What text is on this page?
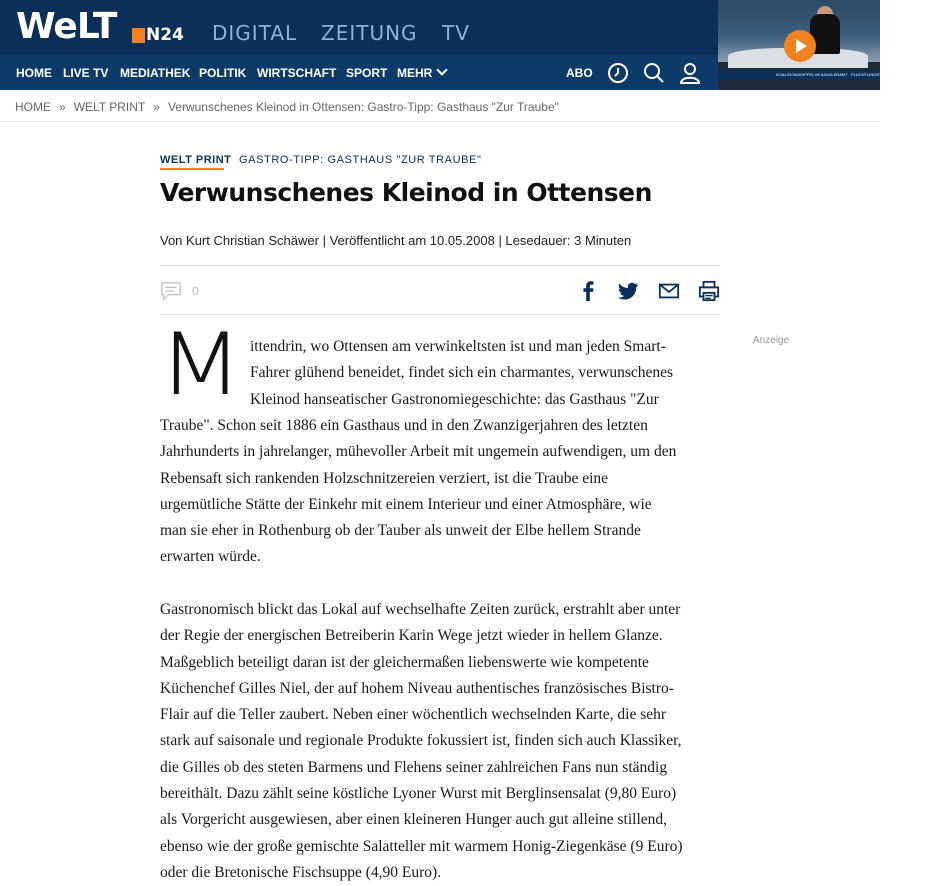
WeLT N24 DIGITAL ZEITUNG TV
HOME LIVE TV MEDIATHEK POLITIK WIRTSCHAFT SPORT MEHR	ABO	KOALITIONSGIPFEL IM KANZLERAMT · FLÜCHTLINGSTHEMA WURDE AUSGEKLAMMERT
HOME » WELT PRINT » Verwunschenes Kleinod in Ottensen: Gastro-Tipp: Gasthaus "Zur Traube"
WELT PRINT GASTRO-TIPP: GASTHAUS "ZUR TRAUBE"
Verwunschenes Kleinod in Ottensen
Von Kurt Christian Schäwer | Veröffentlicht am 10.05.2008 | Lesedauer: 3 Minuten
0
Anzeige
M ittendrin, wo Ottensen am verwinkeltsten ist und man jeden Smart-
Fahrer glühend beneidet, findet sich ein charmantes, verwunschenes
Kleinod hanseatischer Gastronomiegeschichte: das Gasthaus "Zur
Traube". Schon seit 1886 ein Gasthaus und in den Zwanzigerjahren des letzten
Jahrhunderts in jahrelanger, mühevoller Arbeit mit ungemein aufwendigen, um den
Rebensaft sich rankenden Holzschnitzereien verziert, ist die Traube eine
urgemütliche Stätte der Einkehr mit einem Interieur und einer Atmosphäre, wie
man sie eher in Rothenburg ob der Tauber als unweit der Elbe hellem Strande
erwarten würde.
Gastronomisch blickt das Lokal auf wechselhafte Zeiten zurück, erstrahlt aber unter
der Regie der energischen Betreiberin Karin Wege jetzt wieder in hellem Glanze.
Maßgeblich beteiligt daran ist der gleichermaßen liebenswerte wie kompetente
Küchenchef Gilles Niel, der auf hohem Niveau authentisches französisches Bistro-
Flair auf die Teller zaubert. Neben einer wöchentlich wechselnden Karte, die sehr
stark auf saisonale und regionale Produkte fokussiert ist, finden sich auch Klassiker,
die Gilles ob des steten Barmens und Flehens seiner zahlreichen Fans nun ständig
bereithält. Dazu zählt seine köstliche Lyoner Wurst mit Berglinsensalat (9,80 Euro)
als Vorgericht ausgewiesen, aber einen kleineren Hunger auch gut alleine stillend,
ebenso wie der große gemischte Salatteller mit warmem Honig-Ziegenkäse (9 Euro)
oder die Bretonische Fischsuppe (4,90 Euro).
